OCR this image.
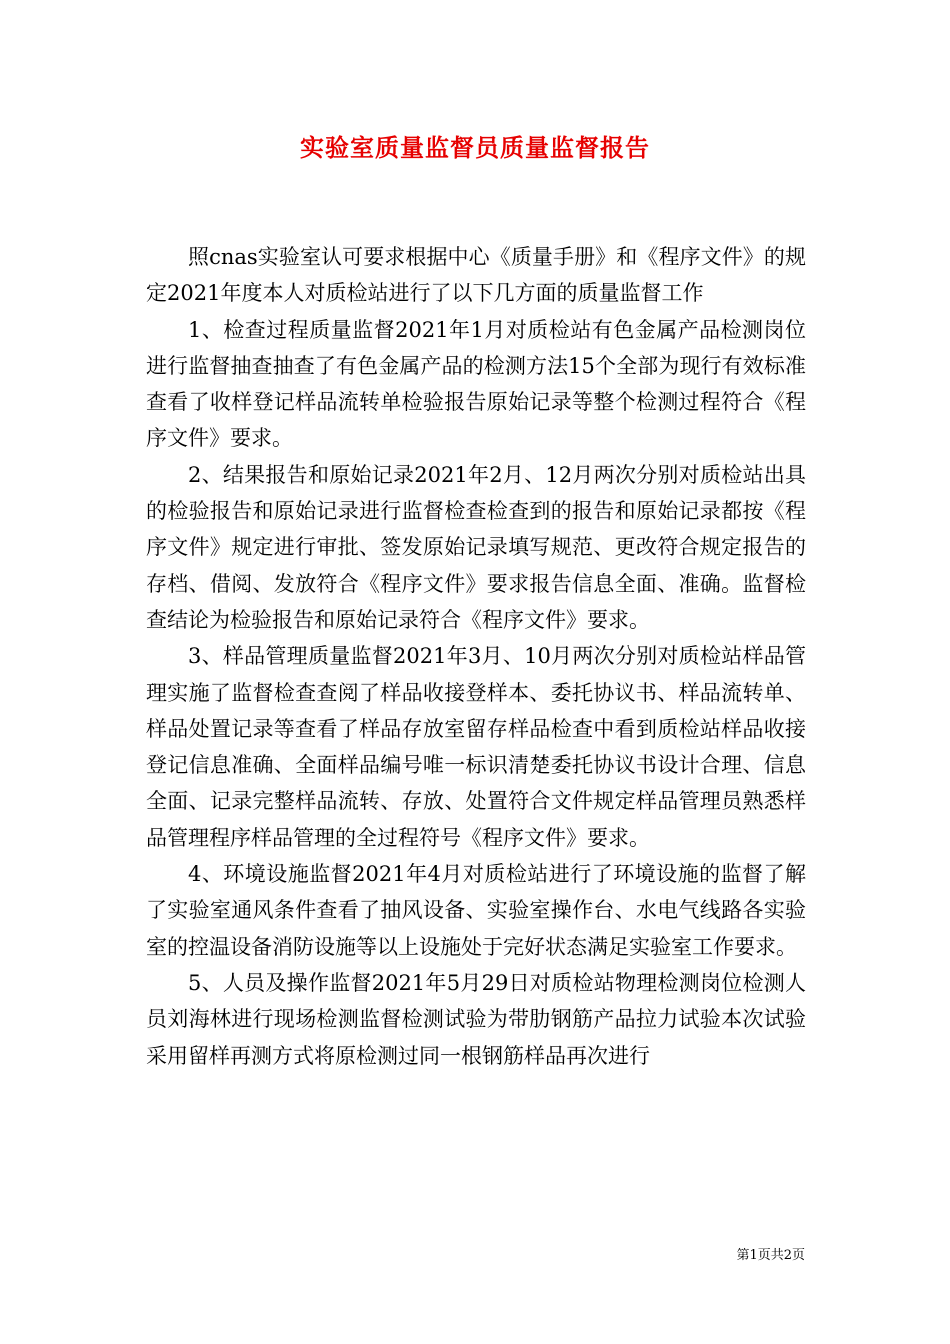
实验室质量监督员质量监督报告

照cnas实验室认可要求根据中心《质量手册》和《程序文件》的规定2021年度本人对质检站进行了以下几方面的质量监督工作

1、检查过程质量监督2021年1月对质检站有色金属产品检测岗位进行监督抽查抽查了有色金属产品的检测方法15个全部为现行有效标准查看了收样登记样品流转单检验报告原始记录等整个检测过程符合《程序文件》要求。

2、结果报告和原始记录2021年2月、12月两次分别对质检站出具的检验报告和原始记录进行监督检查检查到的报告和原始记录都按《程序文件》规定进行审批、签发原始记录填写规范、更改符合规定报告的存档、借阅、发放符合《程序文件》要求报告信息全面、准确。监督检查结论为检验报告和原始记录符合《程序文件》要求。

3、样品管理质量监督2021年3月、10月两次分别对质检站样品管理实施了监督检查查阅了样品收接登样本、委托协议书、样品流转单、样品处置记录等查看了样品存放室留存样品检查中看到质检站样品收接登记信息准确、全面样品编号唯一标识清楚委托协议书设计合理、信息全面、记录完整样品流转、存放、处置符合文件规定样品管理员熟悉样品管理程序样品管理的全过程符号《程序文件》要求。

4、环境设施监督2021年4月对质检站进行了环境设施的监督了解了实验室通风条件查看了抽风设备、实验室操作台、水电气线路各实验室的控温设备消防设施等以上设施处于完好状态满足实验室工作要求。

5、人员及操作监督2021年5月29日对质检站物理检测岗位检测人员刘海林进行现场检测监督检测试验为带肋钢筋产品拉力试验本次试验采用留样再测方式将原检测过同一根钢筋样品再次进行

第1页共2页
